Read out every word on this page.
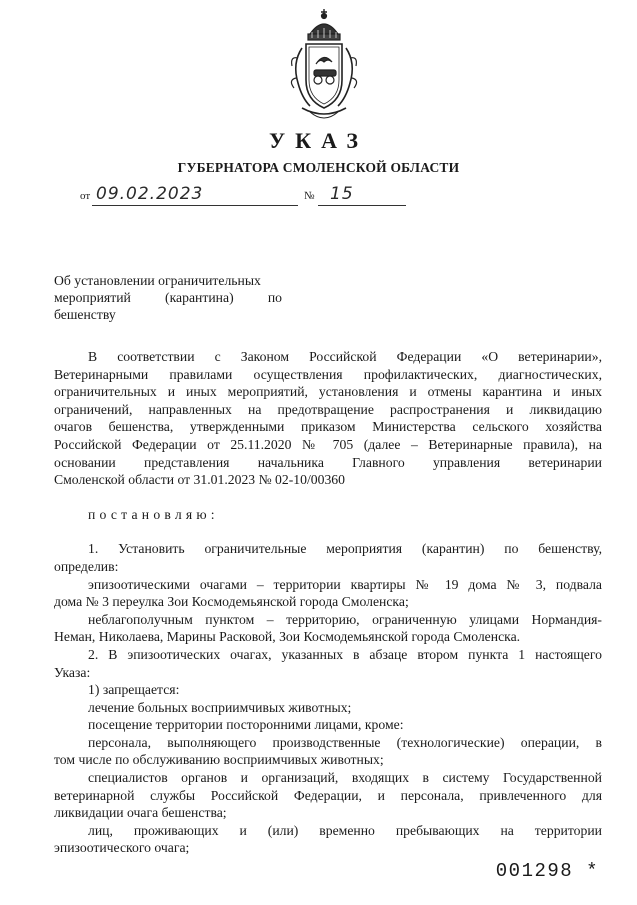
УКАЗ
ГУБЕРНАТОРА СМОЛЕНСКОЙ ОБЛАСТИ
от 09.02.2023	№ 15
Об установлении ограничительных
мероприятий (карантина) по
бешенству

В соответствии с Законом Российской Федерации «О ветеринарии»,

Ветеринарными правилами осуществления профилактических, диагностических,

ограничительных и иных мероприятий, установления и отмены карантина и иных

ограничений, направленных на предотвращение распространения и ликвидацию

очагов бешенства, утвержденными приказом Министерства сельского хозяйства

Российской Федерации от 25.11.2020 № 705 (далее – Ветеринарные правила), на

основании представления начальника Главного управления ветеринарии

Смоленской области от 31.01.2023 № 02-10/00360

постановляю:

1. Установить ограничительные мероприятия (карантин) по бешенству,

определив:

эпизоотическими очагами – территории квартиры № 19 дома № 3, подвала

дома № 3 переулка Зои Космодемьянской города Смоленска;

неблагополучным пунктом – территорию, ограниченную улицами Нормандия-

Неман, Николаева, Марины Расковой, Зои Космодемьянской города Смоленска.

2. В эпизоотических очагах, указанных в абзаце втором пункта 1 настоящего

Указа:

1) запрещается:

лечение больных восприимчивых животных;

посещение территории посторонними лицами, кроме:

персонала, выполняющего производственные (технологические) операции, в

том числе по обслуживанию восприимчивых животных;

специалистов органов и организаций, входящих в систему Государственной

ветеринарной службы Российской Федерации, и персонала, привлеченного для

ликвидации очага бешенства;

лиц, проживающих и (или) временно пребывающих на территории

эпизоотического очага;

001298 *
